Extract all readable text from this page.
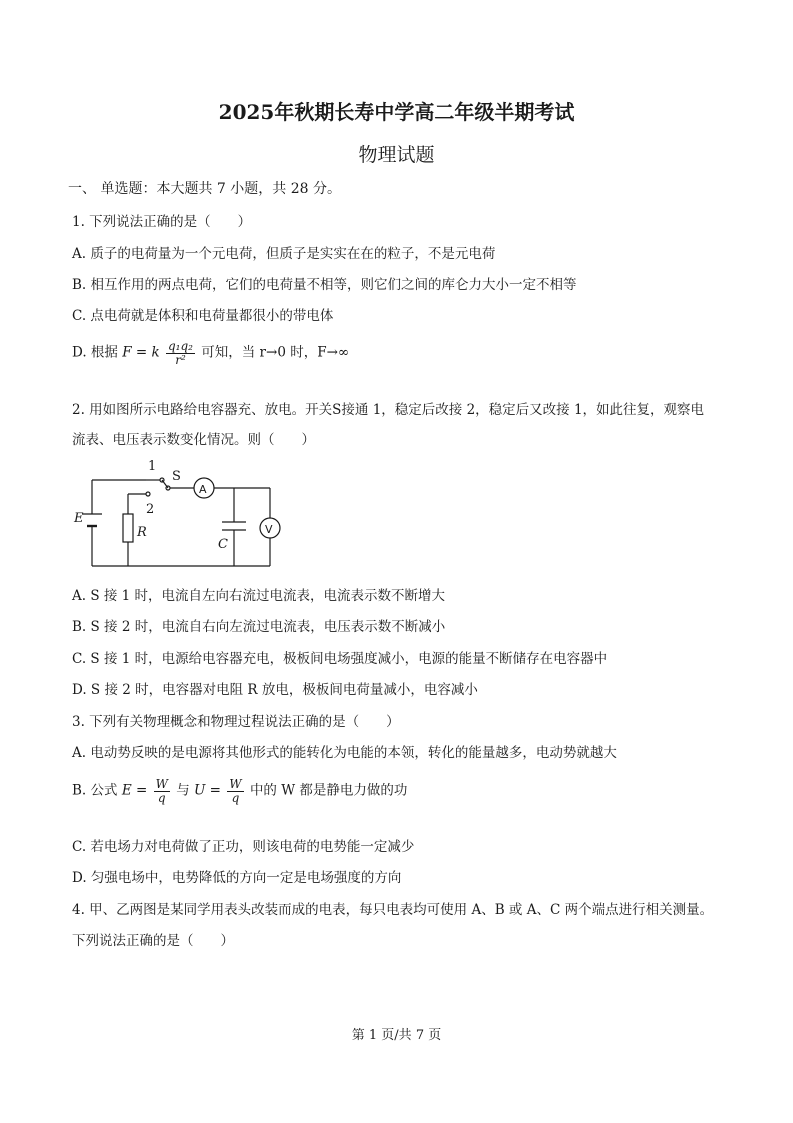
2025年秋期长寿中学高二年级半期考试
物理试题
一、 单选题：本大题共 7 小题，共 28 分。
1. 下列说法正确的是（　　）
A. 质子的电荷量为一个元电荷，但质子是实实在在的粒子，不是元电荷
B. 相互作用的两点电荷，它们的电荷量不相等，则它们之间的库仑力大小一定不相等
C. 点电荷就是体积和电荷量都很小的带电体
D. 根据 F = k $\frac{\text{q₁q₂}}{\text{r²}}$ 可知，当 r→0 时，F→∞
2. 用如图所示电路给电容器充、放电。开关S接通 1，稳定后改接 2，稳定后又改接 1，如此往复，观察电
流表、电压表示数变化情况。则（　　）
1
2
S
A
V
E
R
C
A. S 接 1 时，电流自左向右流过电流表，电流表示数不断增大
B. S 接 2 时，电流自右向左流过电流表，电压表示数不断减小
C. S 接 1 时，电源给电容器充电，极板间电场强度减小，电源的能量不断储存在电容器中
D. S 接 2 时，电容器对电阻 R 放电，极板间电荷量减小，电容减小
3. 下列有关物理概念和物理过程说法正确的是（　　）
A. 电动势反映的是电源将其他形式的能转化为电能的本领，转化的能量越多，电动势就越大
B. 公式 $E = \frac{W}{q}$ 与 $U = \frac{W}{q}$ 中的 W 都是静电力做的功
C. 若电场力对电荷做了正功，则该电荷的电势能一定减少
D. 匀强电场中，电势降低的方向一定是电场强度的方向
4. 甲、乙两图是某同学用表头改装而成的电表，每只电表均可使用 A、B 或 A、C 两个端点进行相关测量。
下列说法正确的是（　　）
第 1 页/共 7 页
